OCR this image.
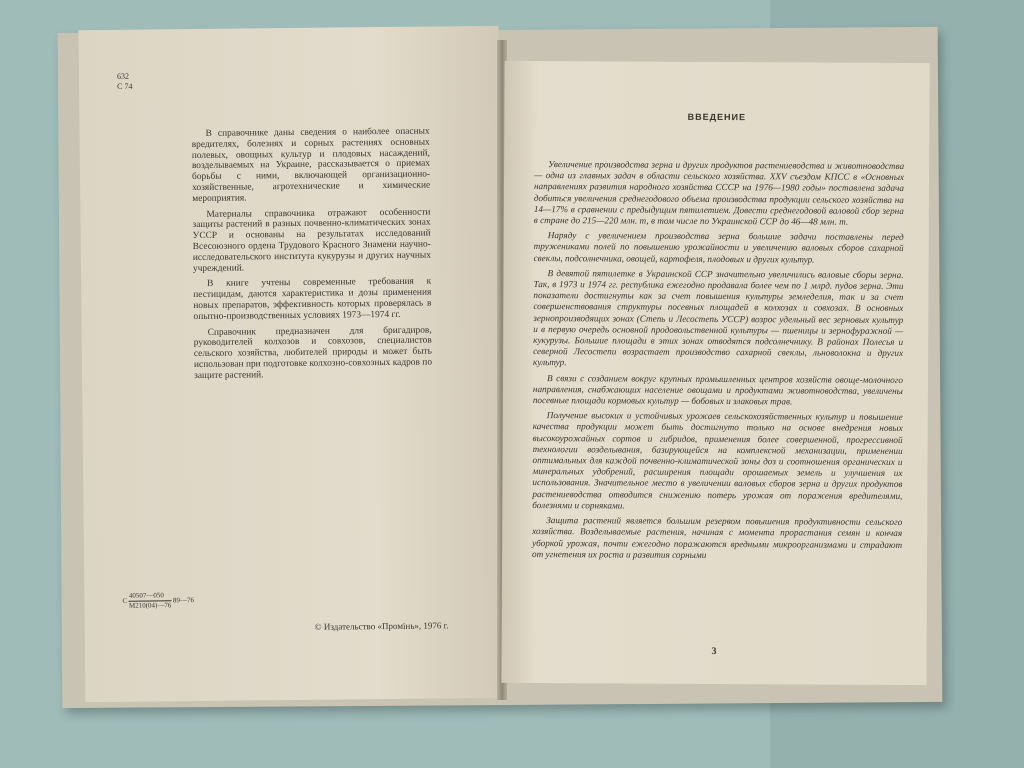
632
С 74

В справочнике даны сведения о наиболее опасных вредителях, болезнях и сорных растениях основных полевых, овощных культур и плодовых насаждений, возделываемых на Украине, рассказывается о приемах борьбы с ними, включающей организационно-хозяйственные, агротехнические и химические мероприятия.

Материалы справочника отражают особенности защиты растений в разных почвенно-климатических зонах УССР и основаны на результатах исследований Всесоюзного ордена Трудового Красного Знамени научно-исследовательского института кукурузы и других научных учреждений.

В книге учтены современные требования к пестицидам, даются характеристика и дозы применения новых препаратов, эффективность которых проверялась в опытно-производственных условиях 1973—1974 гг.

Справочник предназначен для бригадиров, руководителей колхозов и совхозов, специалистов сельского хозяйства, любителей природы и может быть использован при подготовке колхозно-совхозных кадров по защите растений.

С $\frac{40507—050}{М210(04)—76}$ 89—76
© Издательство «Промінь», 1976 г.
ВВЕДЕНИЕ

Увеличение производства зерна и других продуктов растениеводства и животноводства — одна из главных задач в области сельского хозяйства. XXV съездом КПСС в «Основных направлениях развития народного хозяйства СССР на 1976—1980 годы» поставлена задача добиться увеличения среднегодового объема производства продукции сельского хозяйства на 14—17% в сравнении с предыдущим пятилетием. Довести среднегодовой валовой сбор зерна в стране до 215—220 млн. т, в том числе по Украинской ССР до 46—48 млн. т.

Наряду с увеличением производства зерна большие задачи поставлены перед тружениками полей по повышению урожайности и увеличению валовых сборов сахарной свеклы, подсолнечника, овощей, картофеля, плодовых и других культур.

В девятой пятилетке в Украинской ССР значительно увеличились валовые сборы зерна. Так, в 1973 и 1974 гг. республика ежегодно продавала более чем по 1 млрд. пудов зерна. Эти показатели достигнуты как за счет повышения культуры земледелия, так и за счет совершенствования структуры посевных площадей в колхозах и совхозах. В основных зернопроизводящих зонах (Степь и Лесостепь УССР) возрос удельный вес зерновых культур и в первую очередь основной продовольственной культуры — пшеницы и зернофуражной — кукурузы. Большие площади в этих зонах отводятся подсолнечнику. В районах Полесья и северной Лесостепи возрастает производство сахарной свеклы, льноволокна и других культур.

В связи с созданием вокруг крупных промышленных центров хозяйств овоще-молочного направления, снабжающих население овощами и продуктами животноводства, увеличены посевные площади кормовых культур — бобовых и злаковых трав.

Получение высоких и устойчивых урожаев сельскохозяйственных культур и повышение качества продукции может быть достигнуто только на основе внедрения новых высокоурожайных сортов и гибридов, применения более совершенной, прогрессивной технологии возделывания, базирующейся на комплексной механизации, применении оптимальных для каждой почвенно-климатической зоны доз и соотношения органических и минеральных удобрений, расширения площади орошаемых земель и улучшения их использования. Значительное место в увеличении валовых сборов зерна и других продуктов растениеводства отводится снижению потерь урожая от поражения вредителями, болезнями и сорняками.

Защита растений является большим резервом повышения продуктивности сельского хозяйства. Возделываемые растения, начиная с момента прорастания семян и кончая уборкой урожая, почти ежегодно поражаются вредными микроорганизмами и страдают от угнетения их роста и развития сорными

3
